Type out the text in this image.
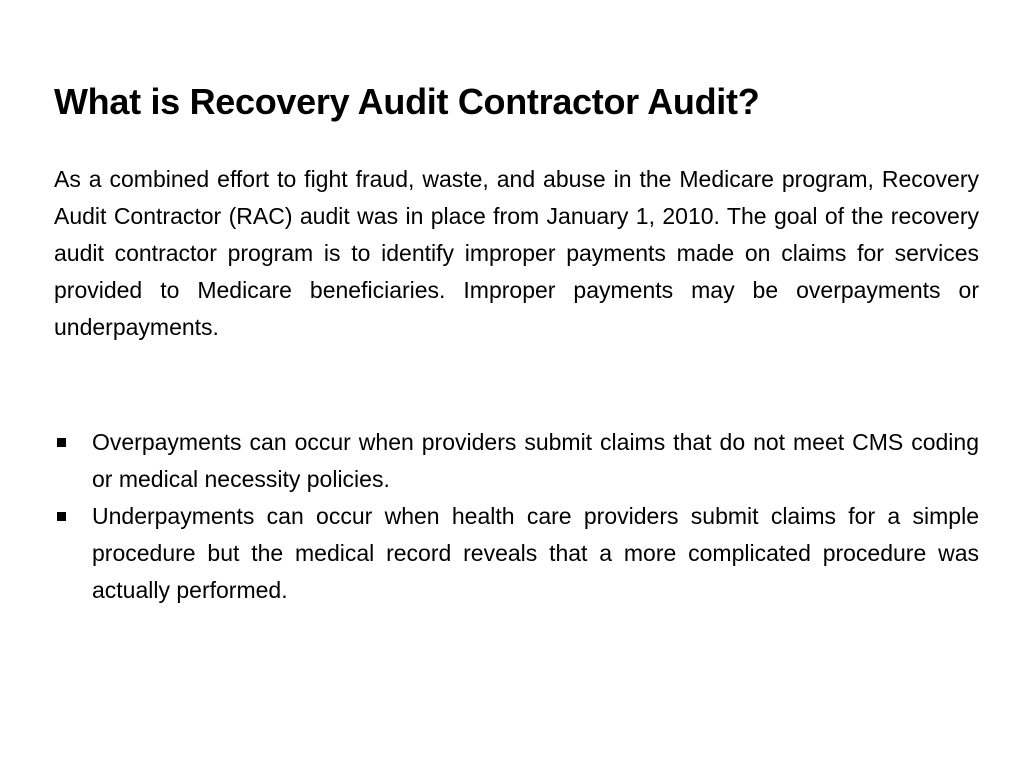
What is Recovery Audit Contractor Audit?

As a combined effort to fight fraud, waste, and abuse in the Medicare program, Recovery Audit Contractor (RAC) audit was in place from January 1, 2010. The goal of the recovery audit contractor program is to identify improper payments made on claims for services provided to Medicare beneficiaries. Improper payments may be overpayments or underpayments.

Overpayments can occur when providers submit claims that do not meet CMS coding or medical necessity policies.
Underpayments can occur when health care providers submit claims for a simple procedure but the medical record reveals that a more complicated procedure was actually performed.
